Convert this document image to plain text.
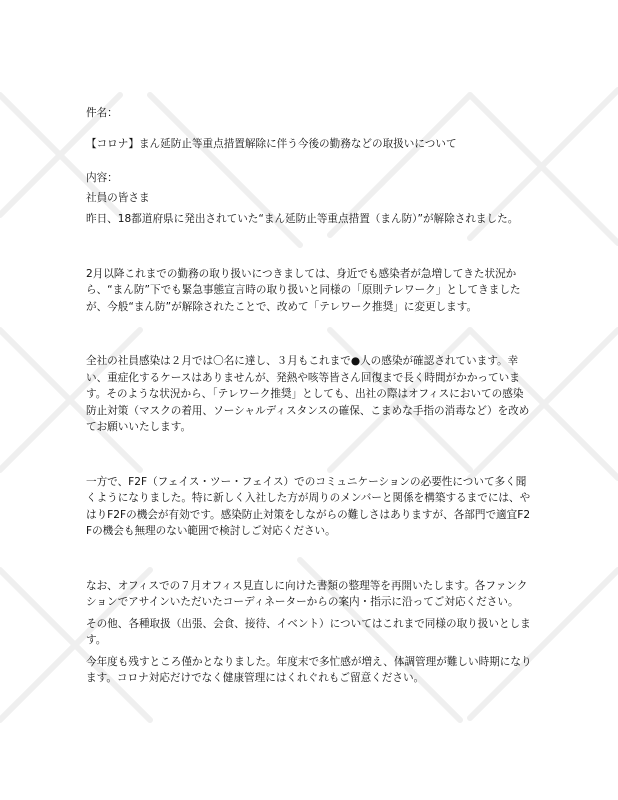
件名：

【コロナ】まん延防止等重点措置解除に伴う今後の勤務などの取扱いについて

内容：

社員の皆さま

昨日、18都道府県に発出されていた“まん延防止等重点措置（まん防）”が解除されました。

2月以降これまでの勤務の取り扱いにつきましては、身近でも感染者が急増してきた状況から、“まん防”下でも緊急事態宣言時の取り扱いと同様の「原則テレワーク」としてきましたが、今般“まん防”が解除されたことで、改めて「テレワーク推奨」に変更します。

全社の社員感染は２月では〇名に達し、３月もこれまで●人の感染が確認されています。幸い、重症化するケースはありませんが、発熱や咳等皆さん回復まで長く時間がかかっています。そのような状況から、「テレワーク推奨」としても、出社の際はオフィスにおいての感染防止対策（マスクの着用、ソーシャルディスタンスの確保、こまめな手指の消毒など）を改めてお願いいたします。

一方で、F2F（フェイス・ツー・フェイス）でのコミュニケーションの必要性について多く聞くようになりました。特に新しく入社した方が周りのメンバーと関係を構築するまでには、やはりF2Fの機会が有効です。感染防止対策をしながらの難しさはありますが、各部門で適宜F2Fの機会も無理のない範囲で検討しご対応ください。

なお、オフィスでの７月オフィス見直しに向けた書類の整理等を再開いたします。各ファンクションでアサインいただいたコーディネーターからの案内・指示に沿ってご対応ください。

その他、各種取扱（出張、会食、接待、イベント）についてはこれまで同様の取り扱いとします。

今年度も残すところ僅かとなりました。年度末で多忙感が増え、体調管理が難しい時期になります。コロナ対応だけでなく健康管理にはくれぐれもご留意ください。
